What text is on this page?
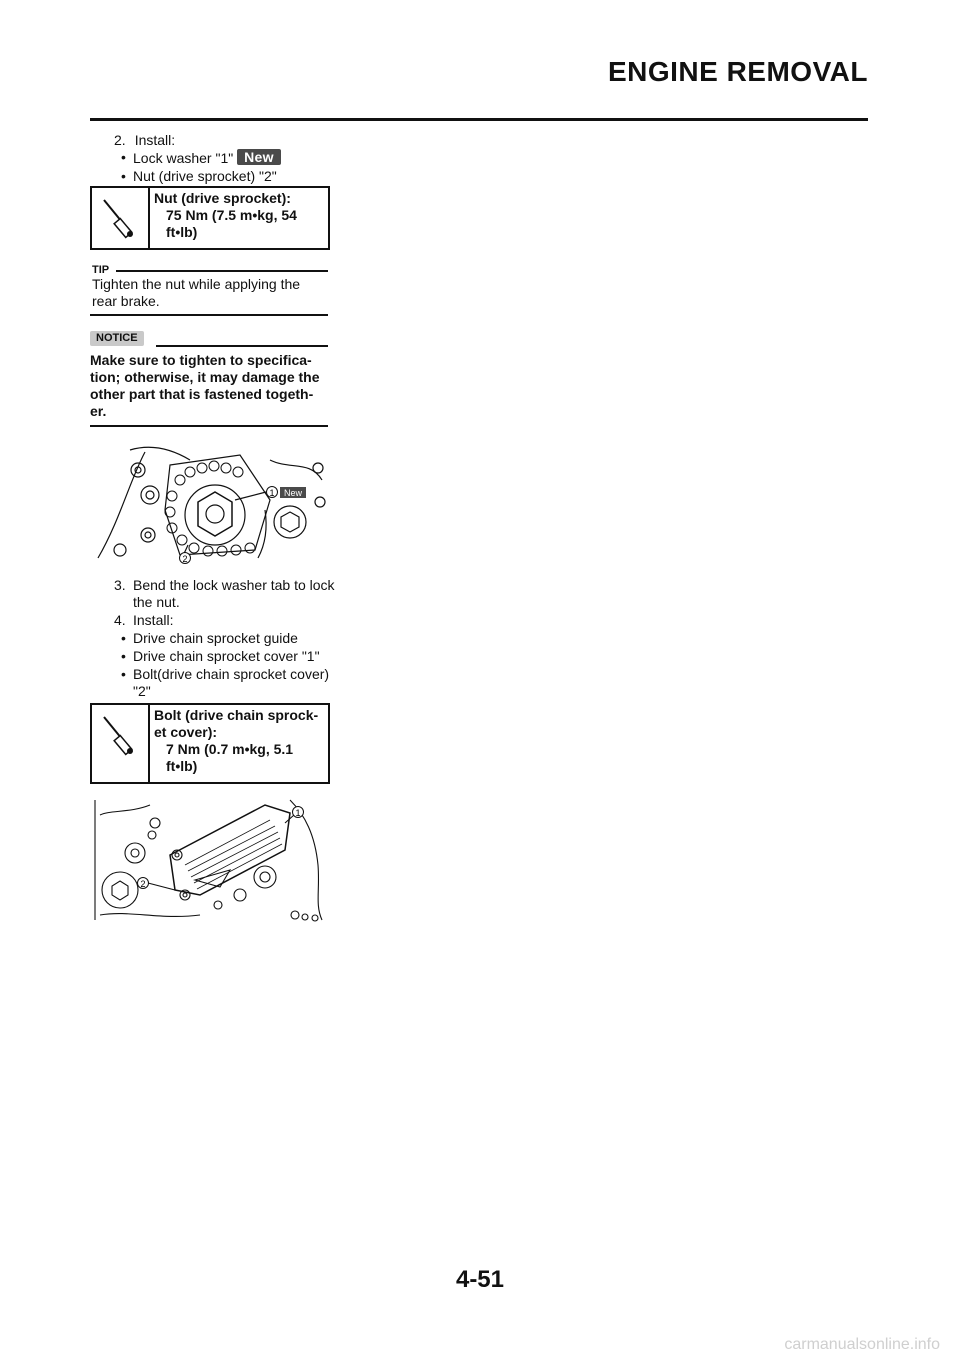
ENGINE REMOVAL
2. Install:
• Lock washer "1" New
• Nut (drive sprocket) "2"
Nut (drive sprocket):
75 Nm (7.5 m•kg, 54
ft•lb)
TIP
Tighten the nut while applying the
rear brake.
NOTICE
Make sure to tighten to specifica-
tion; otherwise, it may damage the
other part that is fastened togeth-
er.
1 New
2
3. Bend the lock washer tab to lock
the nut.
4. Install:
• Drive chain sprocket guide
• Drive chain sprocket cover "1"
• Bolt(drive chain sprocket cover)
"2"
Bolt (drive chain sprock-
et cover):
7 Nm (0.7 m•kg, 5.1
ft•lb)
1
2
4-51
carmanualsonline.info
